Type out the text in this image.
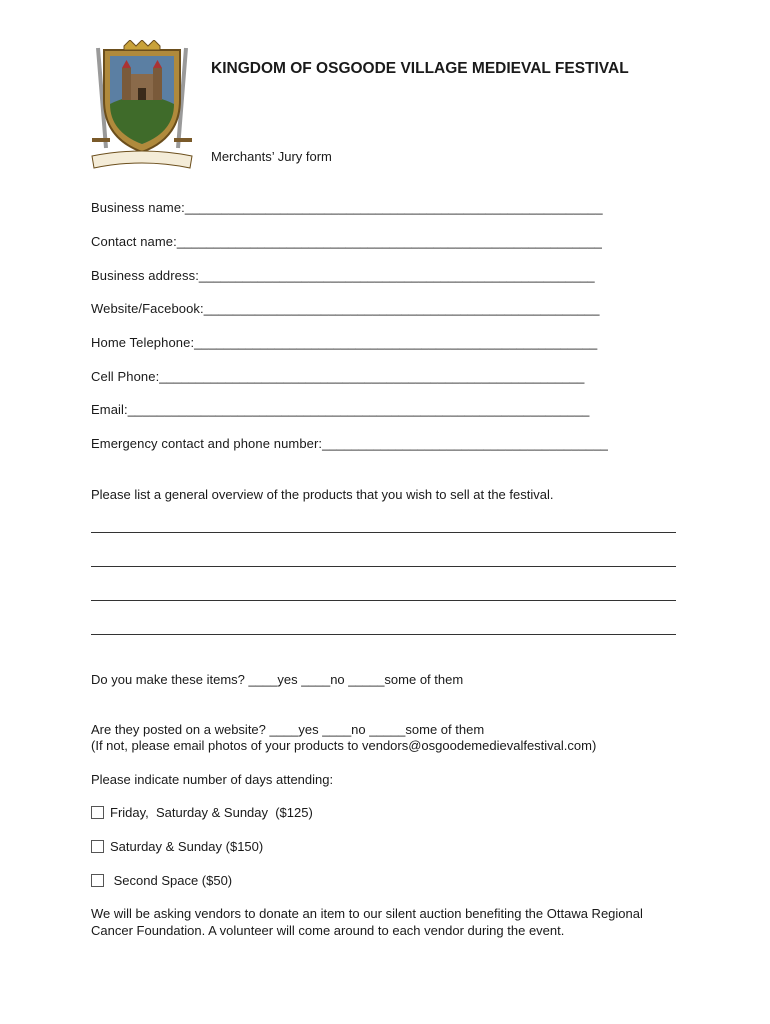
KINGDOM OF OSGOODE VILLAGE MEDIEVAL FESTIVAL
Merchants’ Jury form
Business name:_________________________________________________________
Contact name:__________________________________________________________
Business address:______________________________________________________
Website/Facebook:______________________________________________________
Home Telephone:_______________________________________________________
Cell Phone:__________________________________________________________
Email:_______________________________________________________________
Emergency contact and phone number:_______________________________________
Please list a general overview of the products that you wish to sell at the festival.
Do you make these items? ____yes ____no _____some of them
Are they posted on a website? ____yes ____no _____some of them
(If not, please email photos of your products to vendors@osgoodemedievalfestival.com)
Please indicate number of days attending:
Friday,  Saturday & Sunday  ($125)
Saturday & Sunday ($150)
Second Space ($50)
We will be asking vendors to donate an item to our silent auction benefiting the Ottawa Regional
Cancer Foundation. A volunteer will come around to each vendor during the event.
